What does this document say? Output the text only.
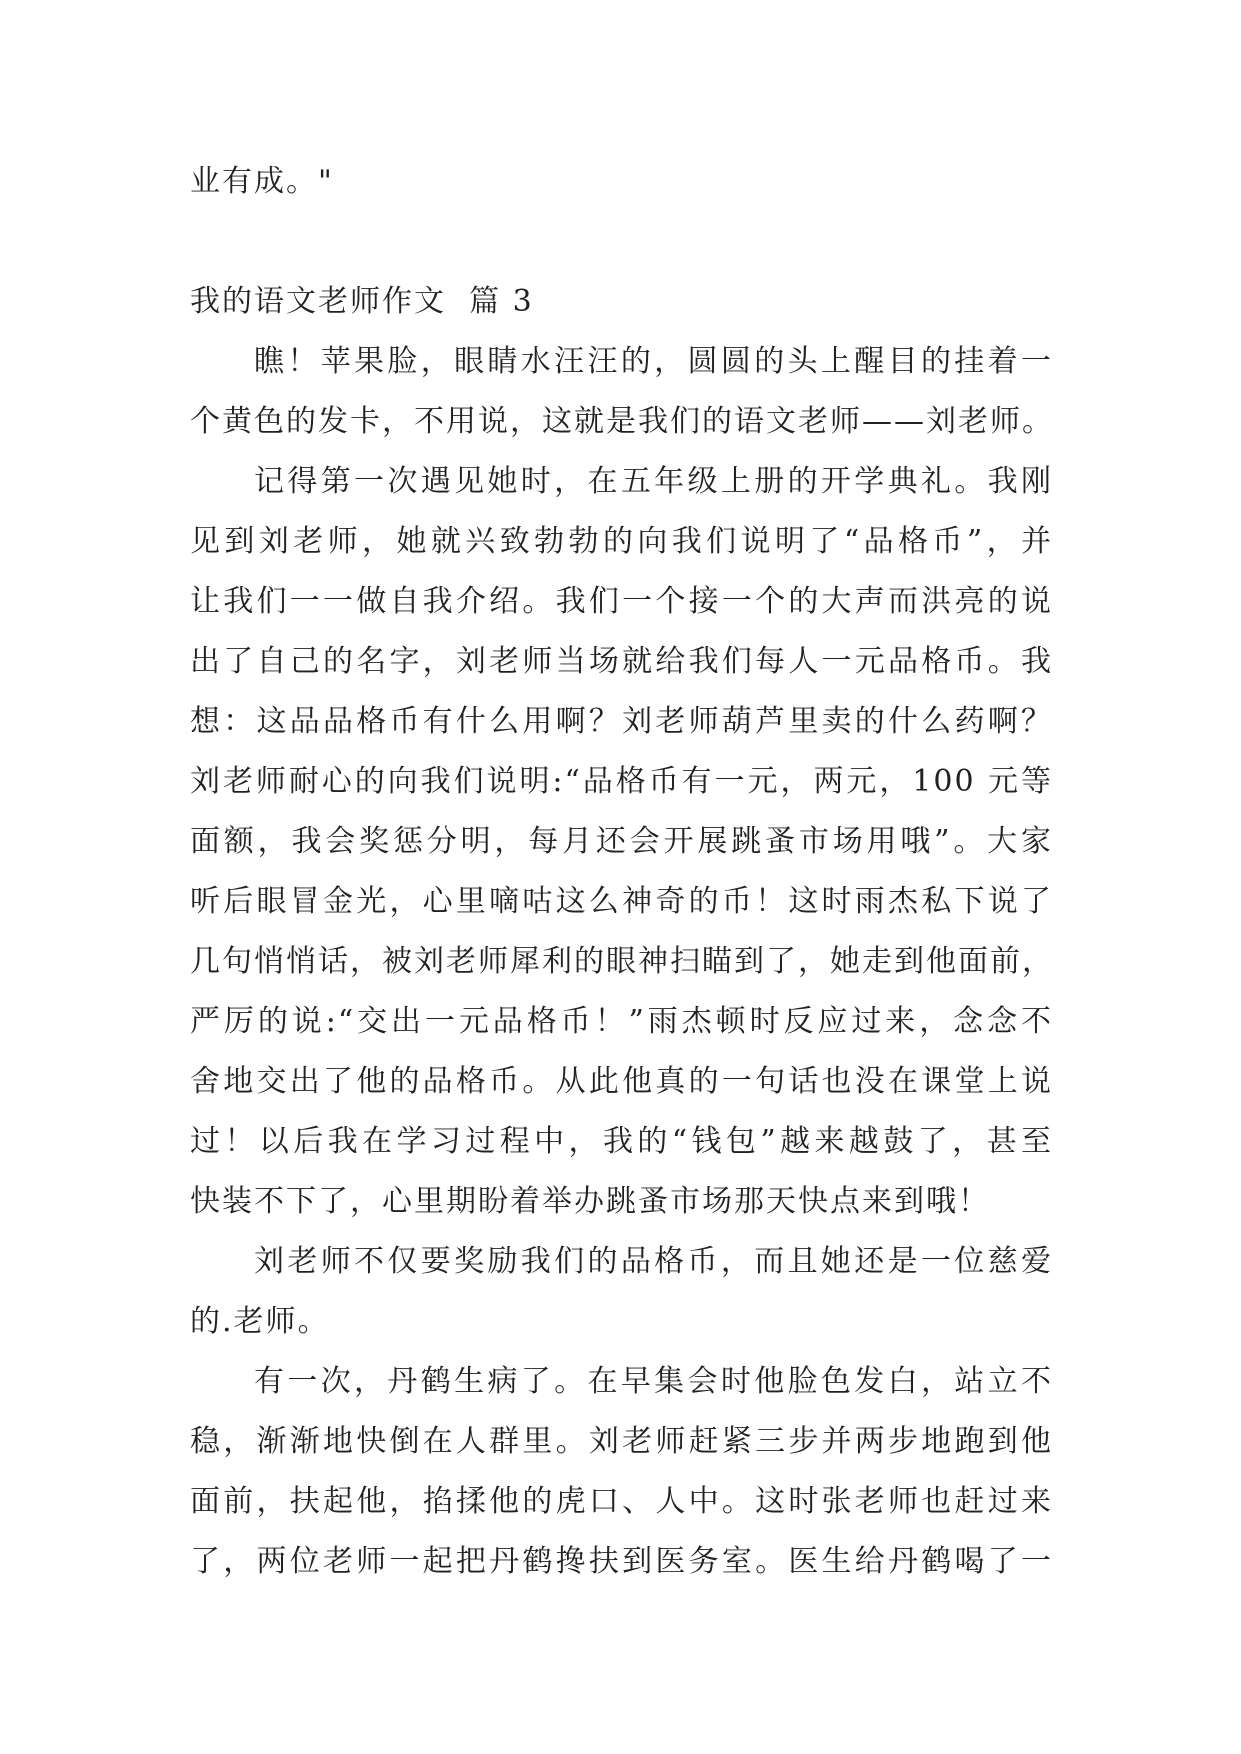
业有成。"
我的语文老师作文  篇 3
瞧！苹果脸，眼睛水汪汪的，圆圆的头上醒目的挂着一
个黄色的发卡，不用说，这就是我们的语文老师——刘老师。
记得第一次遇见她时，在五年级上册的开学典礼。我刚
见到刘老师，她就兴致勃勃的向我们说明了“品格币”，并
让我们一一做自我介绍。我们一个接一个的大声而洪亮的说
出了自己的名字，刘老师当场就给我们每人一元品格币。我
想：这品品格币有什么用啊？刘老师葫芦里卖的什么药啊？
刘老师耐心的向我们说明:“品格币有一元，两元，100 元等
面额，我会奖惩分明，每月还会开展跳蚤市场用哦”。大家
听后眼冒金光，心里嘀咕这么神奇的币！这时雨杰私下说了
几句悄悄话，被刘老师犀利的眼神扫瞄到了，她走到他面前，
严厉的说:“交出一元品格币！”雨杰顿时反应过来，念念不
舍地交出了他的品格币。从此他真的一句话也没在课堂上说
过！以后我在学习过程中，我的“钱包”越来越鼓了，甚至
快装不下了，心里期盼着举办跳蚤市场那天快点来到哦！
刘老师不仅要奖励我们的品格币，而且她还是一位慈爱
的.老师。
有一次，丹鹤生病了。在早集会时他脸色发白，站立不
稳，渐渐地快倒在人群里。刘老师赶紧三步并两步地跑到他
面前，扶起他，掐揉他的虎口、人中。这时张老师也赶过来
了，两位老师一起把丹鹤搀扶到医务室。医生给丹鹤喝了一
